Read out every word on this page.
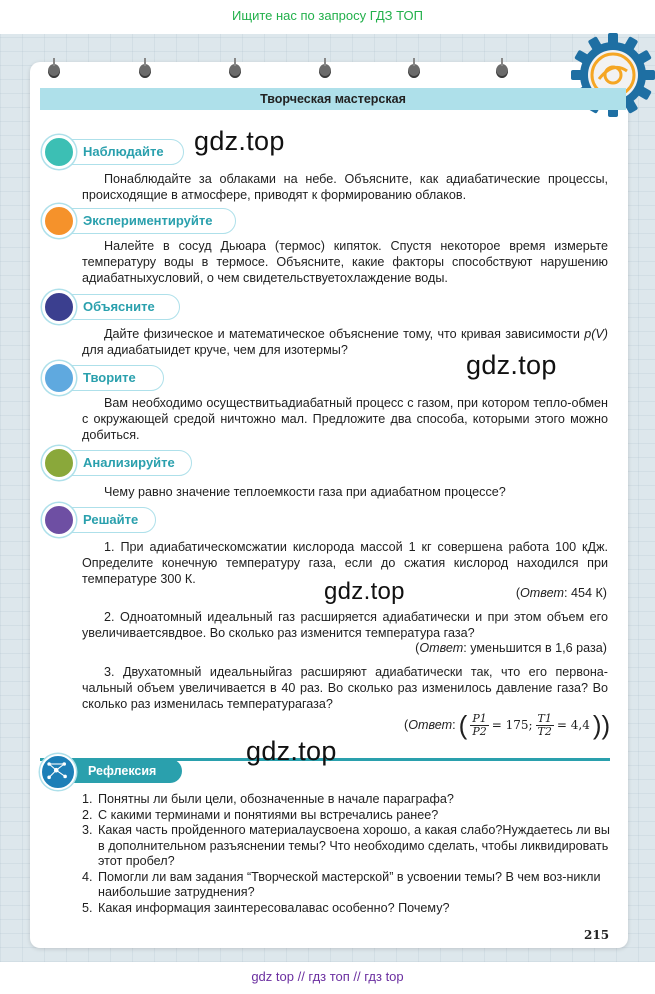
Ищите нас по запросу ГДЗ ТОП
Творческая мастерская
Наблюдайте
Понаблюдайте за облаками на небе. Объясните, как адиабатические процессы, происходящие в атмосфере, приводят к формированию облаков.
Экспериментируйте
Налейте в сосуд Дьюара (термос) кипяток. Спустя некоторое время измерьте температуру воды в термосе. Объясните, какие факторы способствуют нарушению адиабатныхусловий, о чем свидетельствуетохлаждение воды.
Объясните
Дайте физическое и математическое объяснение тому, что кривая зависимости p(V) для адиабатыидет круче, чем для изотермы?
Творите
Вам необходимо осуществитьадиабатный процесс с газом, при котором тепло-обмен с окружающей средой ничтожно мал. Предложите два способа, которыми этого можно добиться.
Анализируйте
Чему равно значение теплоемкости газа при адиабатном процессе?
Решайте
1. При адиабатическомсжатии кислорода массой 1 кг совершена работа 100 кДж. Определите конечную температуру газа, если до сжатия кислород находился при температуре 300 К.
(Ответ: 454 К)
2. Одноатомный идеальный газ расширяется адиабатически и при этом объем его увеличиваетсявдвое. Во сколько раз изменится температура газа?
(Ответ: уменьшится в 1,6 раза)
3. Двухатомный идеальныйгаз расширяют адиабатически так, что его первона-чальный объем увеличивается в 40 раз. Во сколько раз изменилось давление газа? Во сколько раз изменилась температурагаза?
(Ответ: ( $\frac{P1}{P2} = 175$; $\frac{T1}{T2} = 4,4$ ))
Рефлексия
1. Понятны ли были цели, обозначенные в начале параграфа?
2. С какими терминами и понятиями вы встречались ранее?
3. Какая часть пройденного материалаусвоена хорошо, а какая слабо?Нуждаетесь ли вы в дополнительном разъяснении темы? Что необходимо сделать, чтобы ликвидировать этот пробел?
4. Помогли ли вам задания “Творческой мастерской” в усвоении темы? В чем воз-никли наибольшие затруднения?
5. Какая информация заинтересовалавас особенно? Почему?
215
gdz.top
gdz.top
gdz.top
gdz.top
gdz top // гдз топ // гдз top
